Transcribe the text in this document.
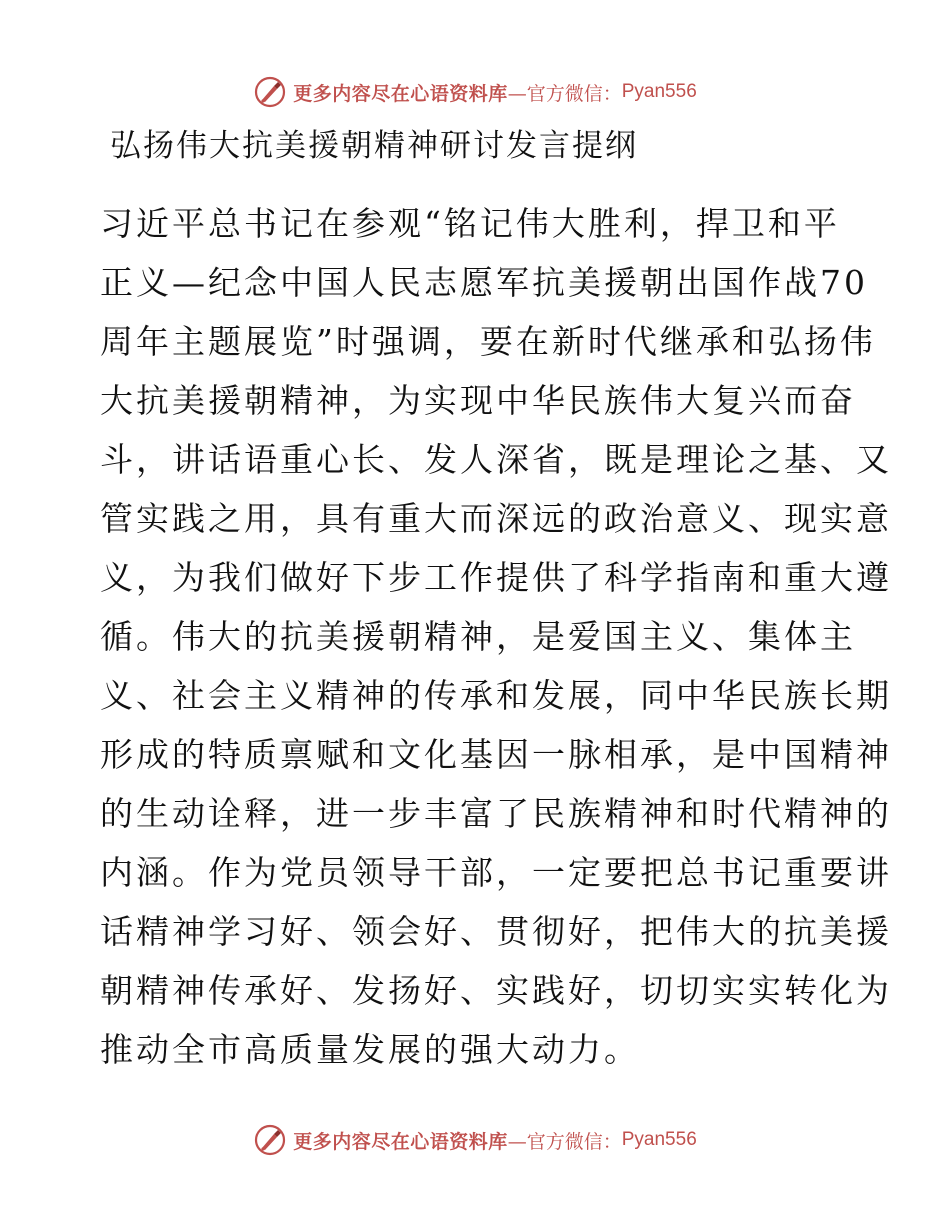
更多内容尽在心语资料库 —官方微信： Pyan556
弘扬伟大抗美援朝精神研讨发言提纲
习近平总书记在参观“铭记伟大胜利，捍卫和平
正义—纪念中国人民志愿军抗美援朝出国作战70
周年主题展览”时强调，要在新时代继承和弘扬伟
大抗美援朝精神，为实现中华民族伟大复兴而奋
斗，讲话语重心长、发人深省，既是理论之基、又
管实践之用，具有重大而深远的政治意义、现实意
义，为我们做好下步工作提供了科学指南和重大遵
循。伟大的抗美援朝精神，是爱国主义、集体主
义、社会主义精神的传承和发展，同中华民族长期
形成的特质禀赋和文化基因一脉相承，是中国精神
的生动诠释，进一步丰富了民族精神和时代精神的
内涵。作为党员领导干部，一定要把总书记重要讲
话精神学习好、领会好、贯彻好，把伟大的抗美援
朝精神传承好、发扬好、实践好，切切实实转化为
推动全市高质量发展的强大动力。
更多内容尽在心语资料库 —官方微信： Pyan556
